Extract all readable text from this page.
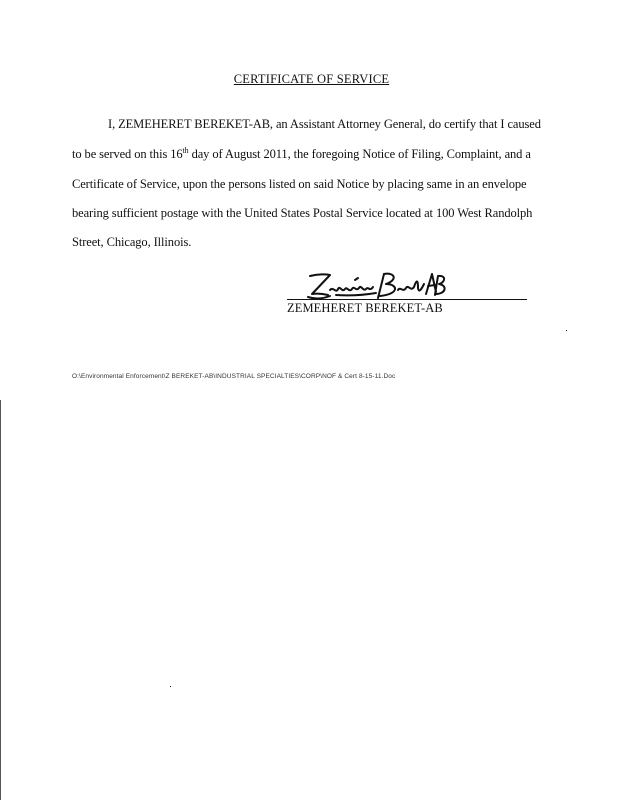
CERTIFICATE OF SERVICE
I, ZEMEHERET BEREKET-AB, an Assistant Attorney General, do certify that I caused
to be served on this 16th day of August 2011, the foregoing Notice of Filing, Complaint, and a
Certificate of Service, upon the persons listed on said Notice by placing same in an envelope
bearing sufficient postage with the United States Postal Service located at 100 West Randolph
Street, Chicago, Illinois.
ZEMEHERET BEREKET-AB
O:\Environmental Enforcement\Z BEREKET-AB\INDUSTRIAL SPECIALTIES\CORP\NOF & Cert 8-15-11.Doc
